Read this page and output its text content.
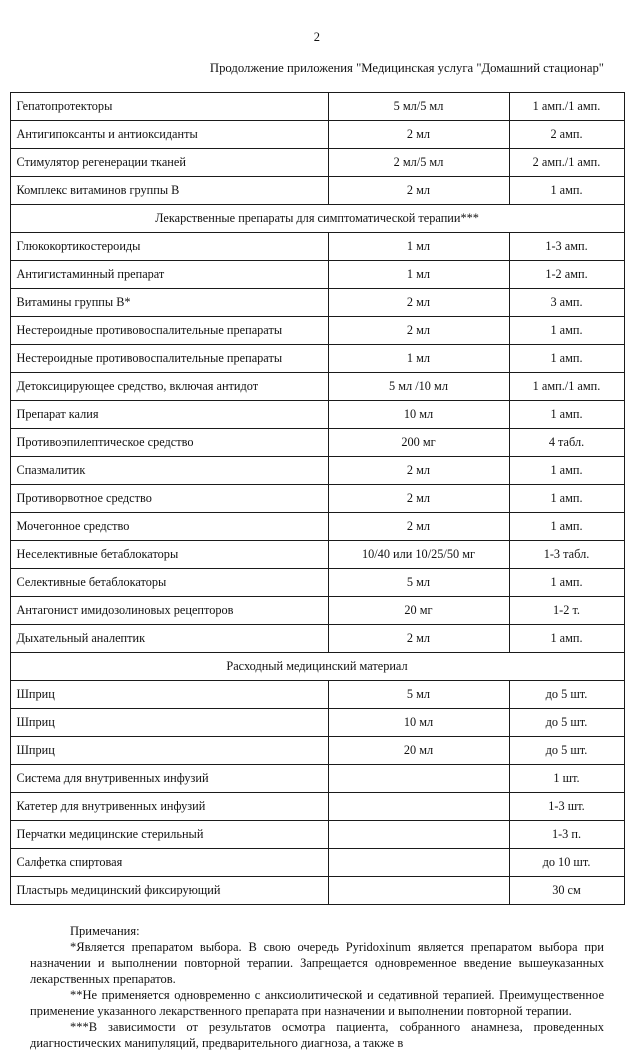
2
Продолжение приложения "Медицинская услуга "Домашний стационар"
Гепатопротекторы	5 мл/5 мл	1 амп./1 амп.
Антигипоксанты и антиоксиданты	2 мл	2 амп.
Стимулятор регенерации тканей	2 мл/5 мл	2 амп./1 амп.
Комплекс витаминов группы В	2 мл	1 амп.
Лекарственные препараты для симптоматической терапии***		
Глюкокортикостероиды	1 мл	1-3 амп.
Антигистаминный препарат	1 мл	1-2 амп.
Витамины группы В*	2 мл	3 амп.
Нестероидные противовоспалительные препараты	2 мл	1 амп.
Нестероидные противовоспалительные препараты	1 мл	1 амп.
Детоксицирующее средство, включая антидот	5 мл /10 мл	1 амп./1 амп.
Препарат калия	10 мл	1 амп.
Противоэпилептическое средство	200 мг	4 табл.
Спазмалитик	2 мл	1 амп.
Противорвотное средство	2 мл	1 амп.
Мочегонное средство	2 мл	1 амп.
Неселективные бетаблокаторы	10/40 или 10/25/50 мг	1-3 табл.
Селективные бетаблокаторы	5 мл	1 амп.
Антагонист имидозолиновых рецепторов	20 мг	1-2 т.
Дыхательный аналептик	2 мл	1 амп.
Расходный медицинский материал		
Шприц	5 мл	до 5 шт.
Шприц	10 мл	до 5 шт.
Шприц	20 мл	до 5 шт.
Система для внутривенных инфузий		1 шт.
Катетер для внутривенных инфузий		1-3 шт.
Перчатки медицинские стерильный		1-3 п.
Салфетка спиртовая		до 10 шт.
Пластырь медицинский фиксирующий		30 см

Примечания:

*Является препаратом выбора. В свою очередь Pyridoxinum является препаратом выбора при назначении и выполнении повторной терапии. Запрещается одновременное введение вышеуказанных лекарственных препаратов.

**Не применяется одновременно с анксиолитической и седативной терапией. Преимущественное применение указанного лекарственного препарата при назначении и выполнении повторной терапии.

***В зависимости от результатов осмотра пациента, собранного анамнеза, проведенных диагностических манипуляций, предварительного диагноза, а также в
